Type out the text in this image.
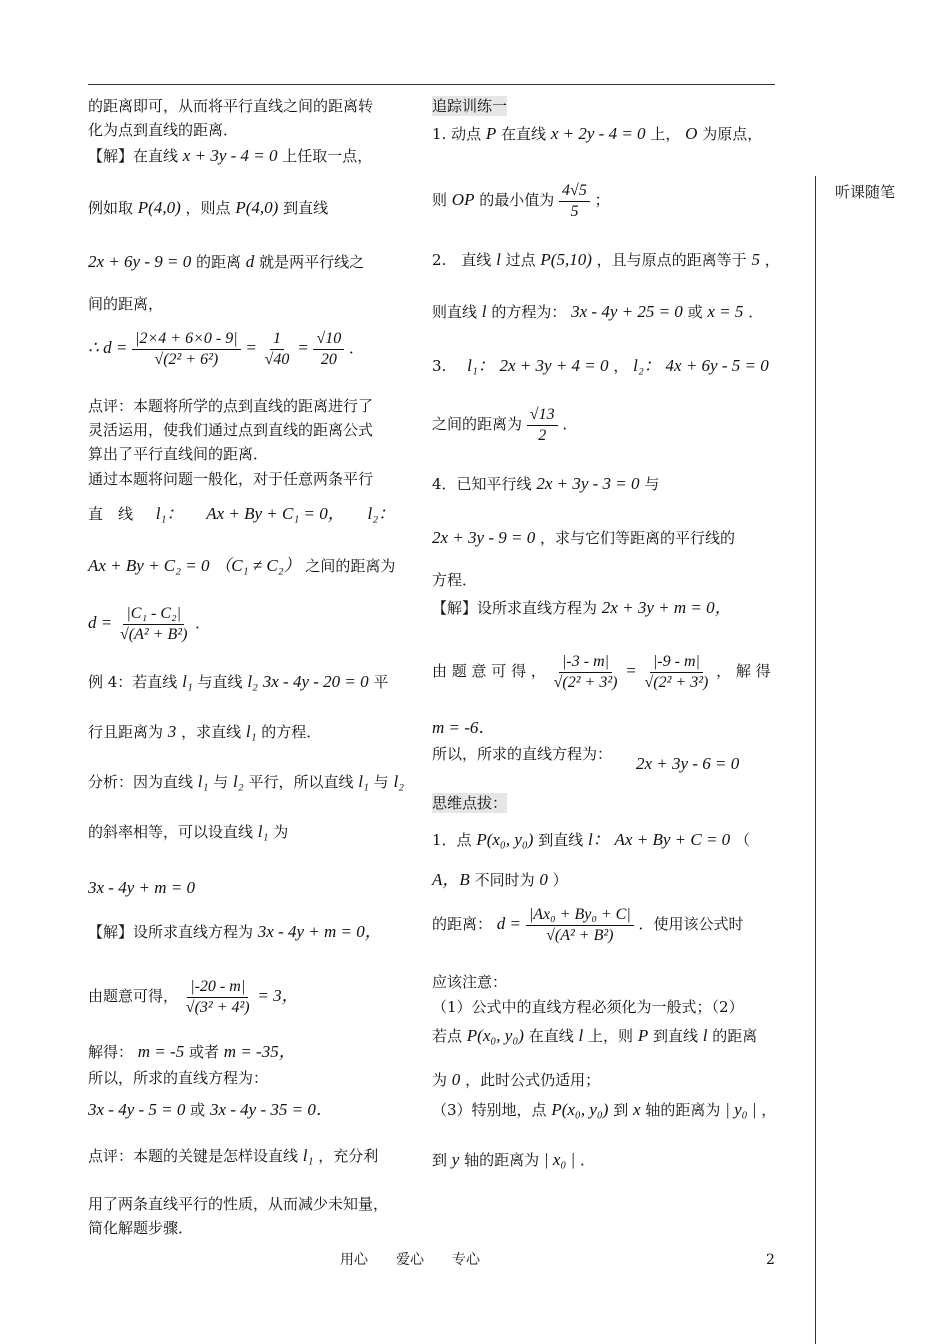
听课随笔
的距离即可，从而将平行直线之间的距离转
化为点到直线的距离．
【解】在直线 x + 3y - 4 = 0 上任取一点，
例如取 P(4,0) ，则点 P(4,0) 到直线
2x + 6y - 9 = 0 的距离 d 就是两平行线之
间的距离，
∴ $d = \frac{|2\times 4 + 6\times 0 - 9|}{\text{√(2² + 6²)}} = \frac{1}{√40} = \frac{√10}{20}$ ．
点评：本题将所学的点到直线的距离进行了
灵活运用，使我们通过点到直线的距离公式
算出了平行直线间的距离．
通过本题将问题一般化，对于任意两条平行
直　线 l₁： Ax + By + C₁ = 0， l₂：
Ax + By + C₂ = 0 （C₁ ≠ C₂） 之间的距离为
$d = \frac{\text{|C₁ - C₂|}}{\text{√(A² + B²)}}$ ．
例 4：若直线 l₁ 与直线 l₂ 3x - 4y - 20 = 0 平
行且距离为 3 ，求直线 l₁ 的方程．
分析：因为直线 l₁ 与 l₂ 平行，所以直线 l₁ 与 l₂
的斜率相等，可以设直线 l₁ 为
3x - 4y + m = 0
【解】设所求直线方程为 3x - 4y + m = 0，
由题意可得， $\frac{|-20 - m|}{\text{√(3² + 4²)}} = 3$，
解得： m = -5 或者 m = -35，
所以，所求的直线方程为：
3x - 4y - 5 = 0 或 3x - 4y - 35 = 0．
点评：本题的关键是怎样设直线 l₁ ，充分利
用了两条直线平行的性质，从而减少未知量，
简化解题步骤．
追踪训练一
1. 动点 P 在直线 x + 2y - 4 = 0 上， O 为原点，
则 OP 的最小值为 $\frac{4√5}{5}$ ；
2.　直线 l 过点 P(5,10) ，且与原点的距离等于 5 ，
则直线 l 的方程为： 3x - 4y + 25 = 0 或 x = 5 ．
3. l₁： 2x + 3y + 4 = 0 ， l₂： 4x + 6y - 5 = 0
之间的距离为 $\frac{√13}{2}$ ．
4．已知平行线 2x + 3y - 3 = 0 与
2x + 3y - 9 = 0 ，求与它们等距离的平行线的
方程．
【解】设所求直线方程为 2x + 3y + m = 0，
由 题 意 可 得 ， $\frac{|-3 - m|}{\text{√(2² + 3²)}} = \frac{|-9 - m|}{\text{√(2² + 3²)}}$ ， 解 得
m = -6．
所以，所求的直线方程为： 2x + 3y - 6 = 0
思维点拔：
1．点 P(x₀, y₀) 到直线 l： Ax + By + C = 0 （
A，B 不同时为 0 ）
的距离： $d = \frac{\text{|Ax₀ + By₀ + C|}}{\text{√(A² + B²)}}$ ．使用该公式时
应该注意：
（1）公式中的直线方程必须化为一般式；（2）
若点 P(x₀, y₀) 在直线 l 上，则 P 到直线 l 的距离
为 0 ，此时公式仍适用；
（3）特别地，点 P(x₀, y₀) 到 x 轴的距离为 | y₀ | ，
到 y 轴的距离为 | x₀ | ．
用心　　爱心　　专心	2
